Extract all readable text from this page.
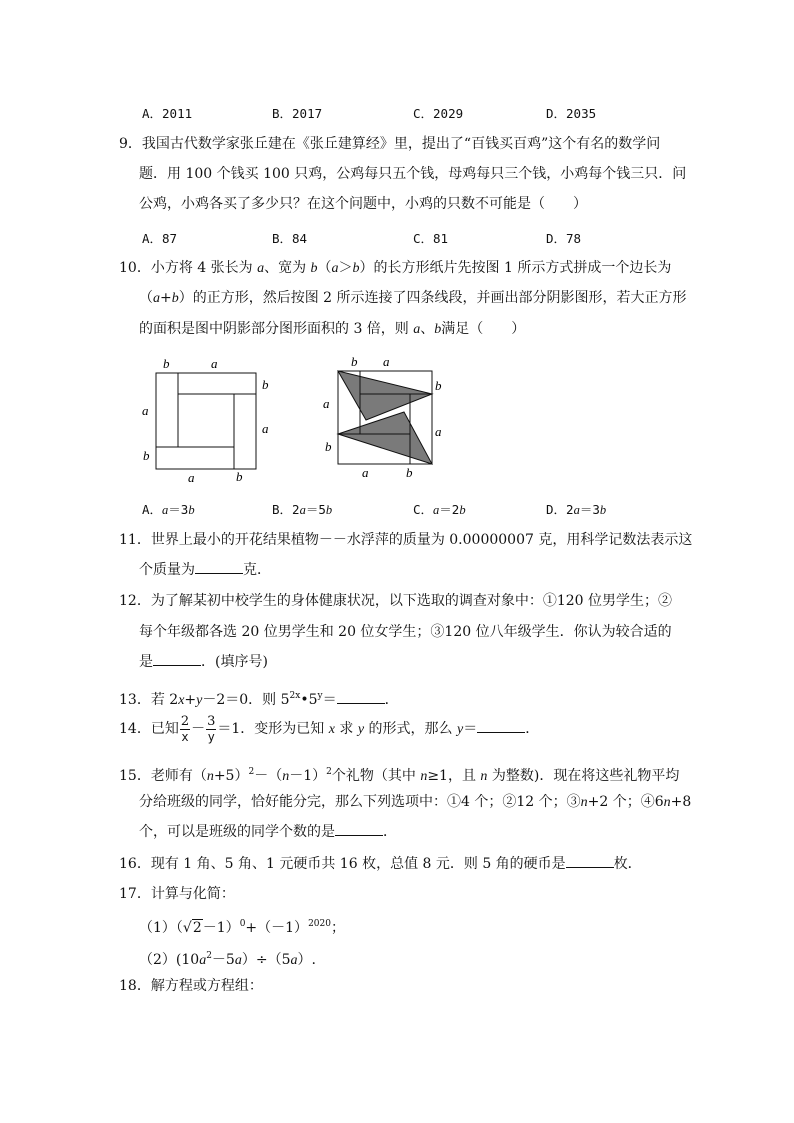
A．2011	B．2017	C．2029	D．2035
9．我国古代数学家张丘建在《张丘建算经》里，提出了“百钱买百鸡”这个有名的数学问
题．用 100 个钱买 100 只鸡，公鸡每只五个钱，母鸡每只三个钱，小鸡每个钱三只．问
公鸡，小鸡各买了多少只？在这个问题中，小鸡的只数不可能是（　　）
A．87	B．84	C．81	D．78
10．小方将 4 张长为 a、宽为 b（a＞b）的长方形纸片先按图 1 所示方式拼成一个边长为
（a+b）的正方形，然后按图 2 所示连接了四条线段，并画出部分阴影图形，若大正方形
的面积是图中阴影部分图形面积的 3 倍，则 a、b满足（　　）
b	a
b
a
a
b
a	b
b a
b
a
a
b
a	b
A．a＝3b	B．2a＝5b	C．a＝2b	D．2a＝3b
11．世界上最小的开花结果植物－－水浮萍的质量为 0.00000007 克，用科学记数法表示这
个质量为	克．
12．为了解某初中校学生的身体健康状况，以下选取的调查对象中：①120 位男学生；②
每个年级都各选 20 位男学生和 20 位女学生；③120 位八年级学生．你认为较合适的
是	．(填序号)
13．若 2x+y－2＝0．则 $5^{2x}•5^y=$	．
14．已知 $\frac{2}{x} - \frac{3}{y} =1$．变形为已知 x 求 y 的形式，那么 y＝	．
15．老师有$(n+5)^2-(n-1)^2$个礼物（其中 n≥1，且 n 为整数)．现在将这些礼物平均
分给班级的同学，恰好能分完，那么下列选项中：①4 个；②12 个；③n+2 个；④6n+8
个，可以是班级的同学个数的是	．
16．现有 1 角、5 角、1 元硬币共 16 枚，总值 8 元．则 5 角的硬币是	枚．
17．计算与化简：
$(1)(√2-1)^0+(-1)^{2020}$；
$(2)(10a^2-5a)\div(5a)$.
18．解方程或方程组：
